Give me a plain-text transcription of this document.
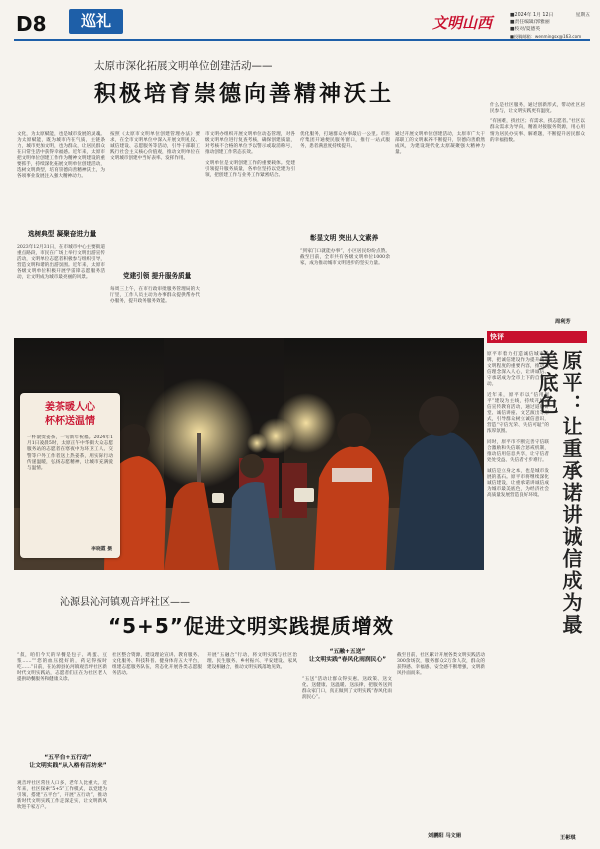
D8	巡礼	文明山西	■2024年 1月 12日	星期五
■责任编辑/郭雅丽
■校对/夏德英
■投稿邮箱：wenmingsx@163.com
太原市深化拓展文明单位创建活动——
积极培育崇德向善精神沃土

文化，为太原赋能，也是城市发展的灵魂。为太原赋能，既为城市内在气质，主链条力，城市更加文明，也为群众，让居民群众在日常生活中获得幸福感。近年来，太原市把文明单位创建工作作为精神文明建设的重要抓手，持续深化拓展文明单位创建活动，选树文明典型，培育崇德向善精神沃土，为各项事业发展注入强大精神动力。

选树典型 凝聚奋进力量

2023年12月31日，在市城市中心主要街道重点路段，市民在广场上举行文明出游宣传活动，文明单位志愿者积极参与组织引导，营造文明和谐的出游氛围。近年来，太原市各级文明单位积极开展学雷锋志愿服务活动，让文明成为城市最亮丽的风景。

按照《太原市文明单位创建管理办法》要求，在全市文明单位中深入开展文明礼仪、诚信建设、志愿服务等活动，引导干部职工践行社会主义核心价值观，推动文明单位在文明城市创建中当好表率、发挥作用。

党建引领 提升服务质量

每周三上午，在市行政审批服务管理局的大厅里，工作人员主动为办事群众提供帮办代办服务，提升政务服务效能。

市文明办组织开展文明单位动态管理，对各级文明单位进行复查考核，确保创建质量，对考核不合格的单位予以警示或取消称号，推动创建工作常态长效。

文明单位是文明创建工作的重要载体。党建引领提升服务质量，各单位坚持以党建为引领，把创建工作与业务工作紧密结合。

优化服务，打通群众办事最后一公里。市医疗集团开通便民服务窗口，推行一站式服务，患者满意度持续提升。

彰显文明 突出人文素养

“到家门口就能办事”，小区居民纷纷点赞。截至目前，全市共有各级文明单位1000余家，成为推动城市文明进步的坚实力量。

通过开展文明单位创建活动，太原市广大干部职工的文明素养不断提升，崇德向善蔚然成风，为建设现代化太原凝聚强大精神力量。

什么是社区服务，通过创新形式，带动社区居民参与，让文明实践更有温度。

“有困难，找社区；有需求，找志愿者。”社区以群众需求为导向，精准对接服务资源，用心用情为居民办实事、解难题，不断提升居民群众的幸福指数。

周利芳
姜茶暖人心
杯杯送温情
一杯滚烫姜茶，一句新年祝福。2024年1月1日凌晨5时，太原正午中华街大众志愿服务站的志愿者在寒夜中为环卫工人、交警等户外工作者送上热姜茶，用实际行动传递温暖，弘扬志愿精神，让城市充满爱与温情。
李晓霞 摄
快评

原平市着力打造诚信城市品牌，把诚信建设作为提升城市文明程度的重要内容，推动诚信理念深入人心，让讲诚信、守承诺成为全市上下的自觉行动。

近年来，原平市以“信用原平”建设为主线，持续开展诚信宣传教育活动，通过道德讲堂、诚信讲座、文艺演出等形式，引导群众树立诚信意识，营造“守信光荣、失信可耻”的浓厚氛围。

同时，原平市不断完善守信联合激励和失信联合惩戒机制，推动信用信息共享，让守信者处处受益、失信者寸步难行。

诚信是立身之本，也是城市发展的基石。原平市将继续深化诚信建设，让重承诺讲诚信成为城市最美底色，为经济社会高质量发展营造良好环境。 原平：让重承诺讲诚信成为最美底色
王彬琪
沁源县沁河镇观音坪社区——
“5+5”促进文明实践提质增效

“叔，咱们今天的早餐是包子、鸡蛋、豆浆……”“您的血压挺好的，药记得按时吃……”日前，在沁源县沁河镇观音坪社区新时代文明实践站，志愿者们正在为社区老人提供助餐服务和健康义诊。

“五平台+五行动”
让文明实践“从入格有百坊来”

观音坪社区常住人口多，老年人比重大。近年来，社区探索“5+5”工作模式，以党建为引领，搭建“五平台”，开展“五行动”，推动新时代文明实践工作走深走实，让文明新风吹进千家万户。

社区整合资源，建设理论宣讲、教育服务、文化服务、科技科普、健身体育五大平台，组建志愿服务队伍，常态化开展各类志愿服务活动。

开展“五融合”行动，将文明实践与社区治理、民生服务、乡村振兴、平安建设、家风建设相融合，推动文明实践落地见效。

“五融+五送”
让文明实践“春风化雨润民心”

“五送”活动让群众得实惠。送政策、送文化、送健康、送温暖、送法律，把服务送到群众家门口，真正做到了文明实践“春风化雨润民心”。

截至目前，社区累计开展各类文明实践活动300余场次，服务群众2万余人次，群众的获得感、幸福感、安全感不断增强，文明新风扑面而来。

刘鹏阳 马文娟
